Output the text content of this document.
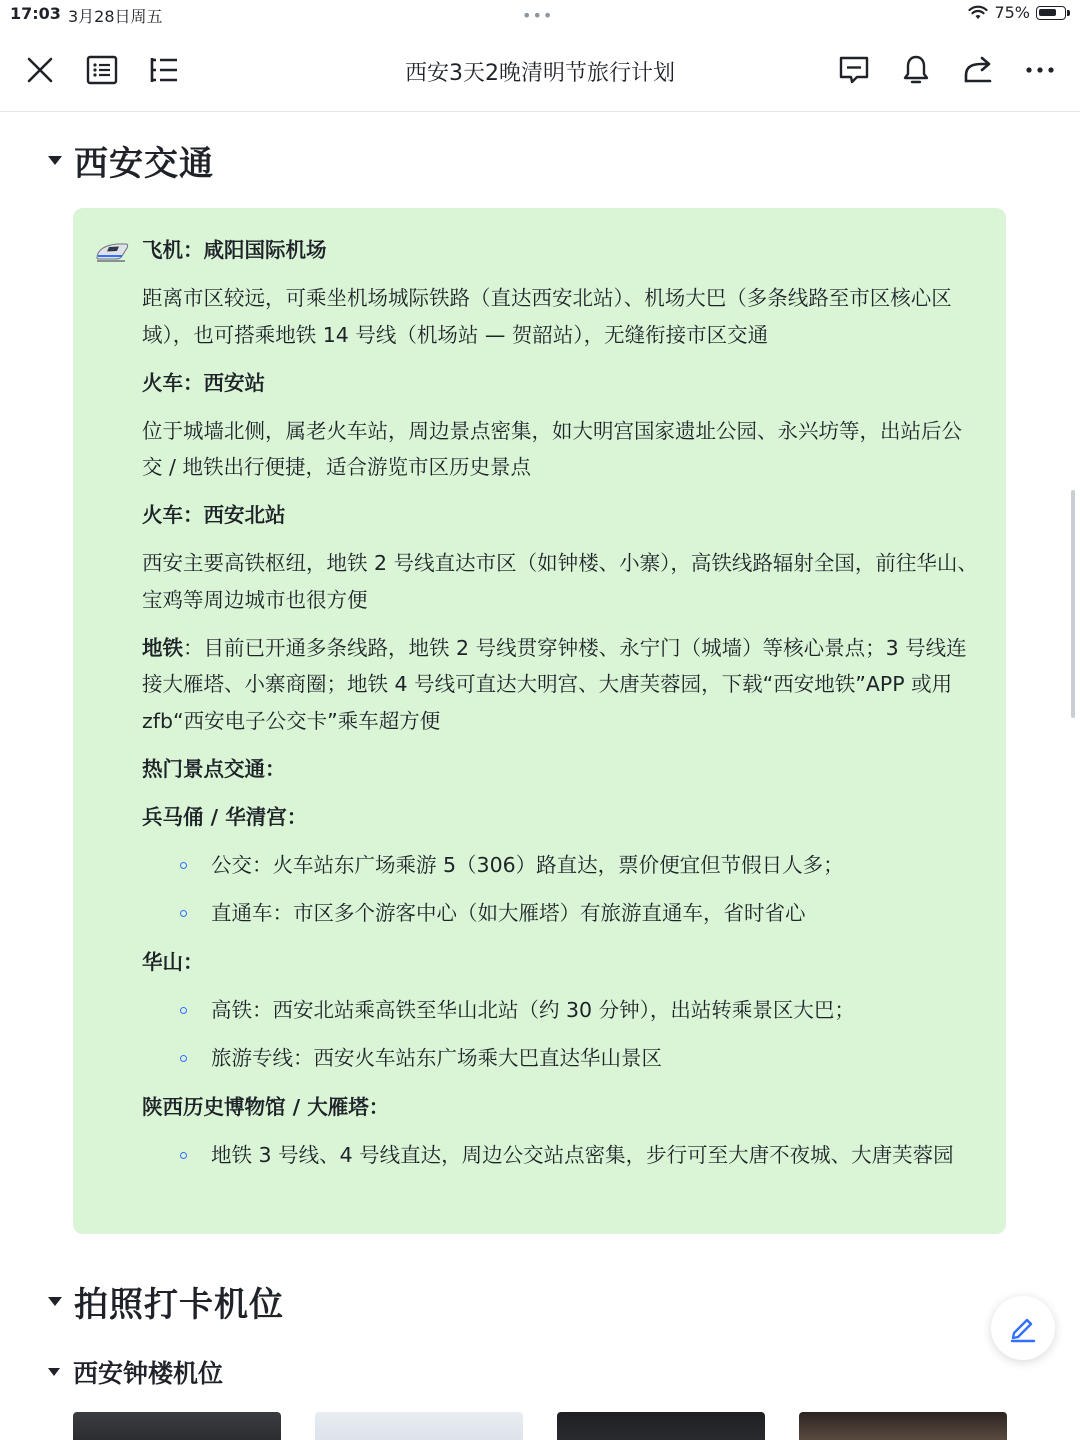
17:03 3月28日周五	•••	75%
西安3天2晚清明节旅行计划
西安交通

飞机：咸阳国际机场

距离市区较远，可乘坐机场城际铁路（直达西安北站）、机场大巴（多条线路至市区核心区域），也可搭乘地铁 14 号线（机场站 — 贺韶站），无缝衔接市区交通

火车：西安站

位于城墙北侧，属老火车站，周边景点密集，如大明宫国家遗址公园、永兴坊等，出站后公交 / 地铁出行便捷，适合游览市区历史景点

火车：西安北站

西安主要高铁枢纽，地铁 2 号线直达市区（如钟楼、小寨），高铁线路辐射全国，前往华山、宝鸡等周边城市也很方便

地铁：目前已开通多条线路，地铁 2 号线贯穿钟楼、永宁门（城墙）等核心景点；3 号线连接大雁塔、小寨商圈；地铁 4 号线可直达大明宫、大唐芙蓉园，下载“西安地铁”APP 或用zfb“西安电子公交卡”乘车超方便

热门景点交通：

兵马俑 / 华清宫：

公交：火车站东广场乘游 5（306）路直达，票价便宜但节假日人多；
直通车：市区多个游客中心（如大雁塔）有旅游直通车，省时省心

华山：

高铁：西安北站乘高铁至华山北站（约 30 分钟），出站转乘景区大巴；
旅游专线：西安火车站东广场乘大巴直达华山景区

陕西历史博物馆 / 大雁塔：

地铁 3 号线、4 号线直达，周边公交站点密集，步行可至大唐不夜城、大唐芙蓉园
拍照打卡机位
西安钟楼机位
